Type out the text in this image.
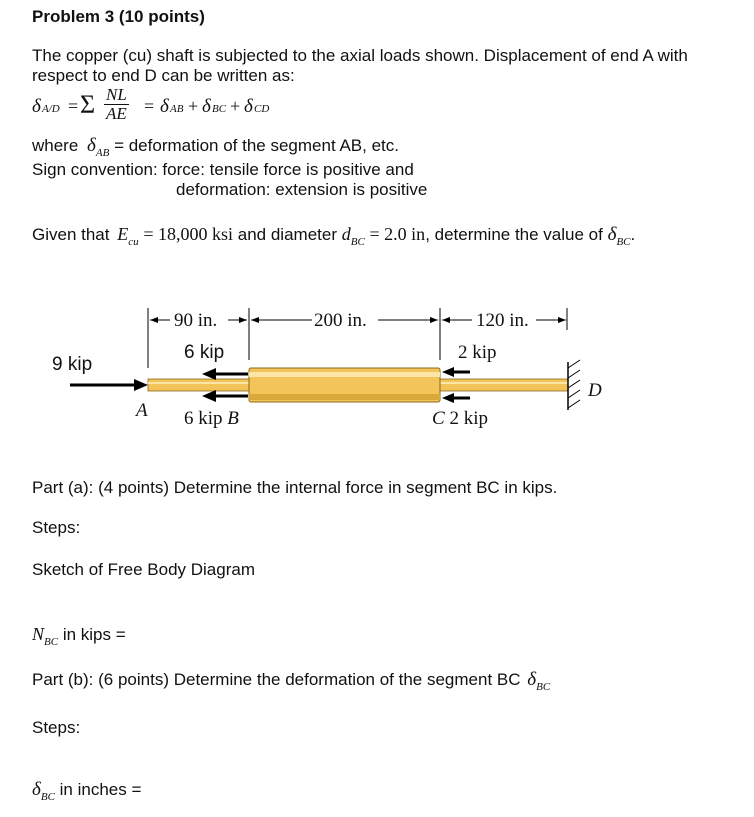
Problem 3 (10 points)
The copper (cu) shaft is subjected to the axial loads shown. Displacement of end A with
respect to end D can be written as:
δ A/D = Σ $\frac{NL}{AE} = \delta$ AB + δ BC + δ CD
where $\delta_{AB}$ = deformation of the segment AB, etc.
Sign convention: force: tensile force is positive and
deformation: extension is positive
Given that $E_{cu} = 18,000$ ksi and diameter $d_{BC} = 2.0$ in, determine the value of $\delta_{BC}$.
90 in.	200 in.	120 in.
9 kip
6 kip	2 kip
A 6 kip B	C 2 kip
D
Part (a): (4 points) Determine the internal force in segment BC in kips.
Steps:
Sketch of Free Body Diagram
$N_{BC}$ in kips =
Part (b): (6 points) Determine the deformation of the segment BC $\delta_{BC}$
Steps:
$\delta_{BC}$ in inches =
